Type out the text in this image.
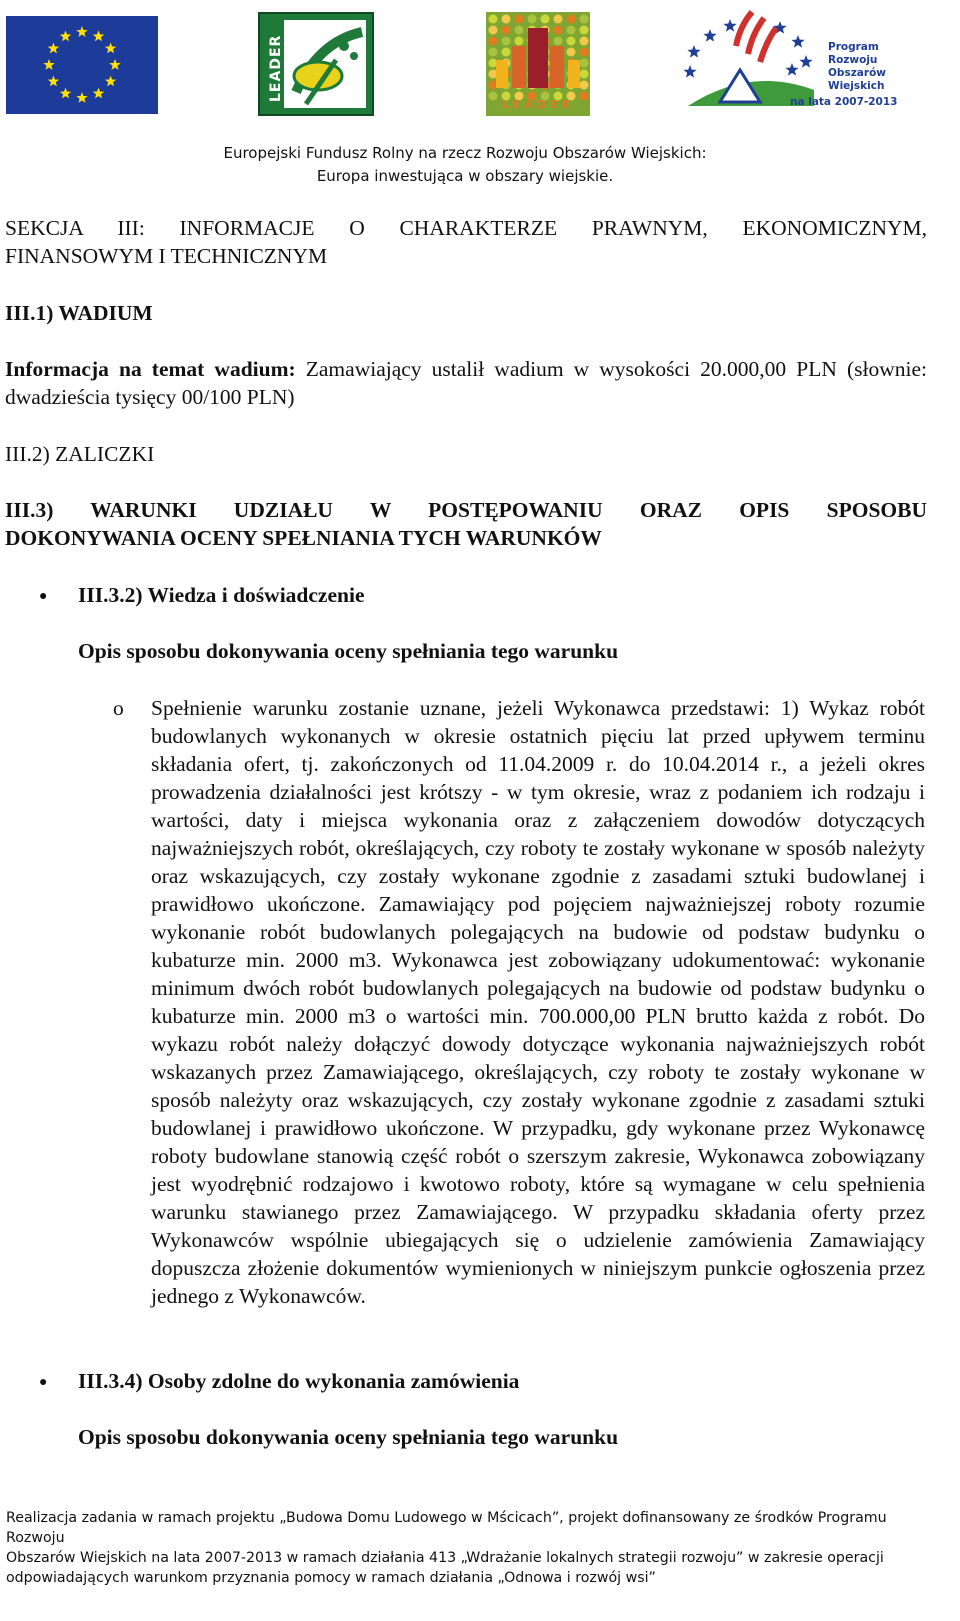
LEADER
LEADER
Program
Rozwoju
Obszarów
Wiejskich
na lata 2007-2013
Europejski Fundusz Rolny na rzecz Rozwoju Obszarów Wiejskich:
Europa inwestująca w obszary wiejskie.
SEKCJA III: INFORMACJE O CHARAKTERZE PRAWNYM, EKONOMICZNYM,
FINANSOWYM I TECHNICZNYM
III.1) WADIUM
Informacja na temat wadium: Zamawiający ustalił wadium w wysokości 20.000,00 PLN (słownie: dwadzieścia tysięcy 00/100 PLN)
III.2) ZALICZKI
III.3) WARUNKI UDZIAŁU W POSTĘPOWANIU ORAZ OPIS SPOSOBU
DOKONYWANIA OCENY SPEŁNIANIA TYCH WARUNKÓW
● III.3.2) Wiedza i doświadczenie
Opis sposobu dokonywania oceny spełniania tego warunku
o Spełnienie warunku zostanie uznane, jeżeli Wykonawca przedstawi: 1) Wykaz robót budowlanych wykonanych w okresie ostatnich pięciu lat przed upływem terminu składania ofert, tj. zakończonych od 11.04.2009 r. do 10.04.2014 r., a jeżeli okres prowadzenia działalności jest krótszy - w tym okresie, wraz z podaniem ich rodzaju i wartości, daty i miejsca wykonania oraz z załączeniem dowodów dotyczących najważniejszych robót, określających, czy roboty te zostały wykonane w sposób należyty oraz wskazujących, czy zostały wykonane zgodnie z zasadami sztuki budowlanej i prawidłowo ukończone. Zamawiający pod pojęciem najważniejszej roboty rozumie wykonanie robót budowlanych polegających na budowie od podstaw budynku o kubaturze min. 2000 m3. Wykonawca jest zobowiązany udokumentować: wykonanie minimum dwóch robót budowlanych polegających na budowie od podstaw budynku o kubaturze min. 2000 m3 o wartości min. 700.000,00 PLN brutto każda z robót. Do wykazu robót należy dołączyć dowody dotyczące wykonania najważniejszych robót wskazanych przez Zamawiającego, określających, czy roboty te zostały wykonane w sposób należyty oraz wskazujących, czy zostały wykonane zgodnie z zasadami sztuki budowlanej i prawidłowo ukończone. W przypadku, gdy wykonane przez Wykonawcę roboty budowlane stanowią część robót o szerszym zakresie, Wykonawca zobowiązany jest wyodrębnić rodzajowo i kwotowo roboty, które są wymagane w celu spełnienia warunku stawianego przez Zamawiającego. W przypadku składania oferty przez Wykonawców wspólnie ubiegających się o udzielenie zamówienia Zamawiający dopuszcza złożenie dokumentów wymienionych w niniejszym punkcie ogłoszenia przez jednego z Wykonawców.
● III.3.4) Osoby zdolne do wykonania zamówienia
Opis sposobu dokonywania oceny spełniania tego warunku
Realizacja zadania w ramach projektu „Budowa Domu Ludowego w Mścicach”, projekt dofinansowany ze środków Programu Rozwoju
Obszarów Wiejskich na lata 2007-2013 w ramach działania 413 „Wdrażanie lokalnych strategii rozwoju” w zakresie operacji
odpowiadających warunkom przyznania pomocy w ramach działania „Odnowa i rozwój wsi”
